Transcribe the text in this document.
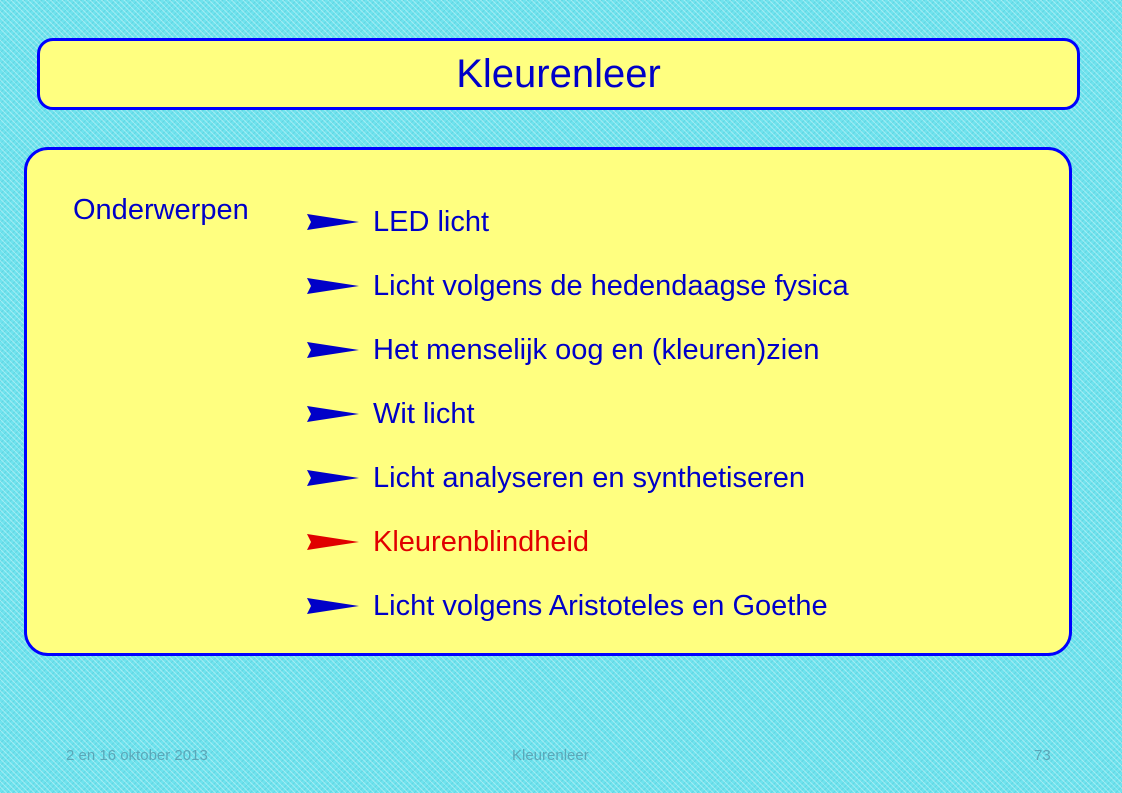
Kleurenleer
Onderwerpen	LED licht
Licht volgens de hedendaagse fysica
Het menselijk oog en (kleuren)zien
Wit licht
Licht analyseren en synthetiseren
Kleurenblindheid
Licht volgens Aristoteles en Goethe
2 en 16 oktober 2013	Kleurenleer	73
